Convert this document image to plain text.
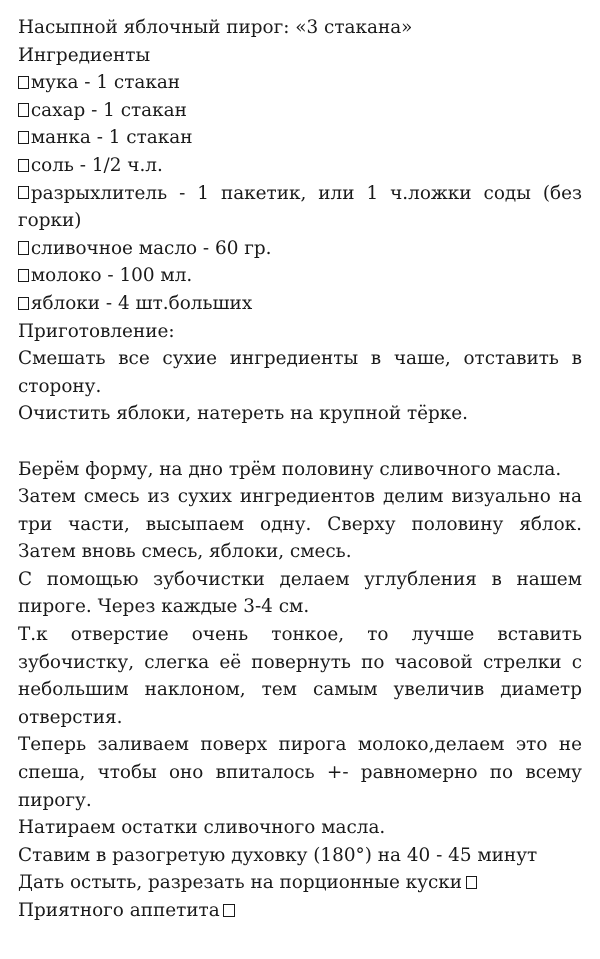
Насыпной яблочный пирог: «3 стакана»

Ингредиенты

мука - 1 стакан

сахар - 1 стакан

манка - 1 стакан

соль - 1/2 ч.л.

разрыхлитель - 1 пакетик, или 1 ч.ложки соды (без горки)

сливочное масло - 60 гр.

молоко - 100 мл.

яблоки - 4 шт.больших

Приготовление:

Смешать все сухие ингредиенты в чаше, отставить в сторону.

Очистить яблоки, натереть на крупной тёрке.

Берём форму, на дно трём половину сливочного масла.

Затем смесь из сухих ингредиентов делим визуально на три части, высыпаем одну. Сверху половину яблок. Затем вновь смесь, яблоки, смесь.

С помощью зубочистки делаем углубления в нашем пироге. Через каждые 3-4 см.

Т.к отверстие очень тонкое, то лучше вставить зубочистку, слегка её повернуть по часовой стрелки с небольшим наклоном, тем самым увеличив диаметр отверстия.

Теперь заливаем поверх пирога молоко,делаем это не спеша, чтобы оно впиталось +- равномерно по всему пирогу.

Натираем остатки сливочного масла.

Ставим в разогретую духовку (180°) на 40 - 45 минут

Дать остыть, разрезать на порционные куски

Приятного аппетита
